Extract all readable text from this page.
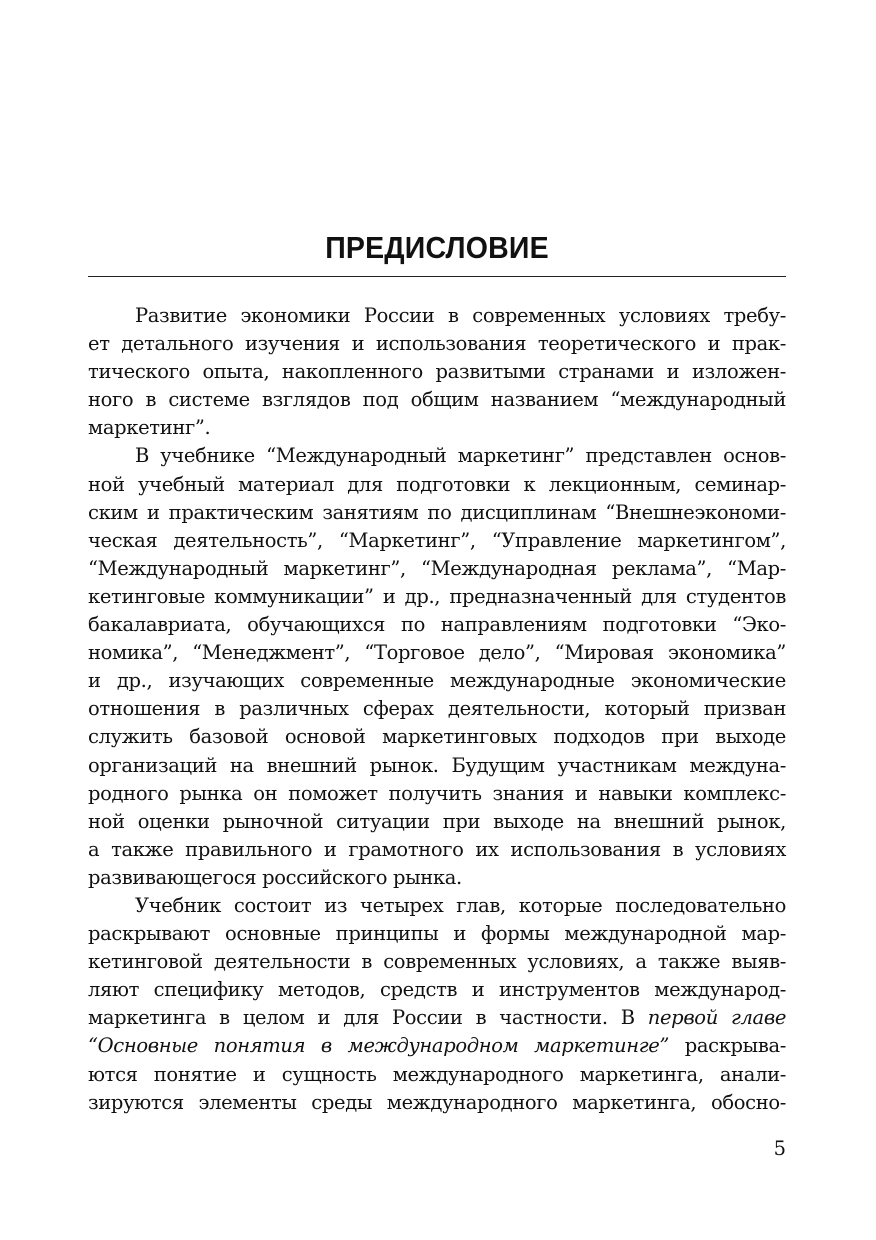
ПРЕДИСЛОВИЕ
Развитие экономики России в современных условиях требу-
ет детального изучения и использования теоретического и прак-
тического опыта, накопленного развитыми странами и изложен-
ного в системе взглядов под общим названием “международный
маркетинг”.
В учебнике “Международный маркетинг” представлен основ-
ной учебный материал для подготовки к лекционным, семинар-
ским и практическим занятиям по дисциплинам “Внешнеэкономи-
ческая деятельность”, “Маркетинг”, “Управление маркетингом”,
“Международный маркетинг”, “Международная реклама”, “Мар-
кетинговые коммуникации” и др., предназначенный для студентов
бакалавриата, обучающихся по направлениям подготовки “Эко-
номика”, “Менеджмент”, “Торговое дело”, “Мировая экономика”
и др., изучающих современные международные экономические
отношения в различных сферах деятельности, который призван
служить базовой основой маркетинговых подходов при выходе
организаций на внешний рынок. Будущим участникам междуна-
родного рынка он поможет получить знания и навыки комплекс-
ной оценки рыночной ситуации при выходе на внешний рынок,
а также правильного и грамотного их использования в условиях
развивающегося российского рынка.
Учебник состоит из четырех глав, которые последовательно
раскрывают основные принципы и формы международной мар-
кетинговой деятельности в современных условиях, а также выяв-
ляют специфику методов, средств и инструментов международ-
маркетинга в целом и для России в частности. В первой главе
“Основные понятия в международном маркетинге” раскрыва-
ются понятие и сущность международного маркетинга, анали-
зируются элементы среды международного маркетинга, обосно-
5
